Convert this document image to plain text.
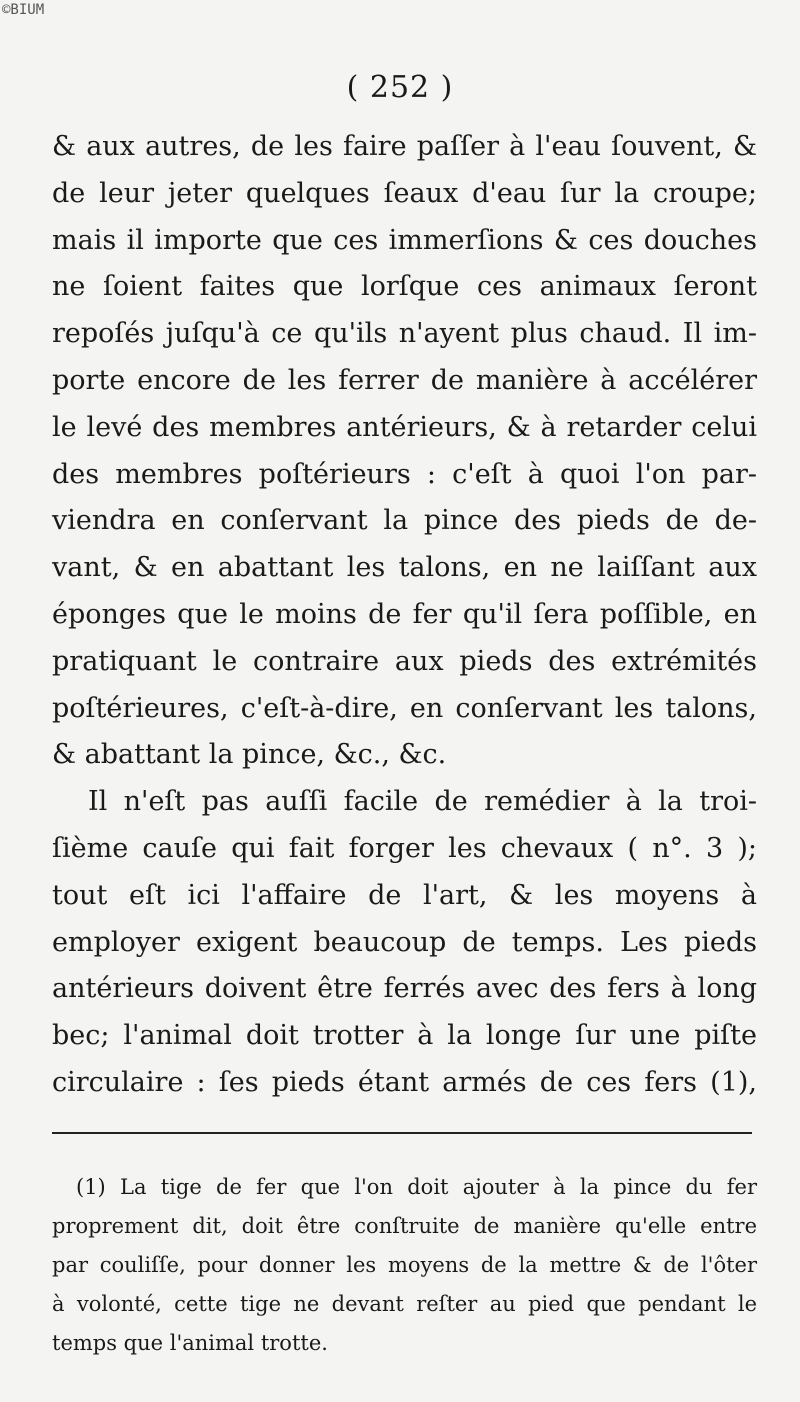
©BIUM
( 252 )
& aux autres, de les faire paſſer à l'eau ſouvent, &
de leur jeter quelques ſeaux d'eau ſur la croupe;
mais il importe que ces immerſions & ces douches
ne ſoient faites que lorſque ces animaux ſeront
repoſés juſqu'à ce qu'ils n'ayent plus chaud. Il im-
porte encore de les ferrer de manière à accélérer
le levé des membres antérieurs, & à retarder celui
des membres poſtérieurs : c'eſt à quoi l'on par-
viendra en conſervant la pince des pieds de de-
vant, & en abattant les talons, en ne laiſſant aux
éponges que le moins de fer qu'il ſera poſſible, en
pratiquant le contraire aux pieds des extrémités
poſtérieures, c'eſt-à-dire, en conſervant les talons,
& abattant la pince, &c., &c.
Il n'eſt pas auſſi facile de remédier à la troi-
ſième cauſe qui fait forger les chevaux ( n°. 3 );
tout eſt ici l'affaire de l'art, & les moyens à
employer exigent beaucoup de temps. Les pieds
antérieurs doivent être ferrés avec des fers à long
bec; l'animal doit trotter à la longe ſur une piſte
circulaire : ſes pieds étant armés de ces fers (1),
(1) La tige de fer que l'on doit ajouter à la pince du fer
proprement dit, doit être conſtruite de manière qu'elle entre
par couliſſe, pour donner les moyens de la mettre & de l'ôter
à volonté, cette tige ne devant reſter au pied que pendant le
temps que l'animal trotte.
